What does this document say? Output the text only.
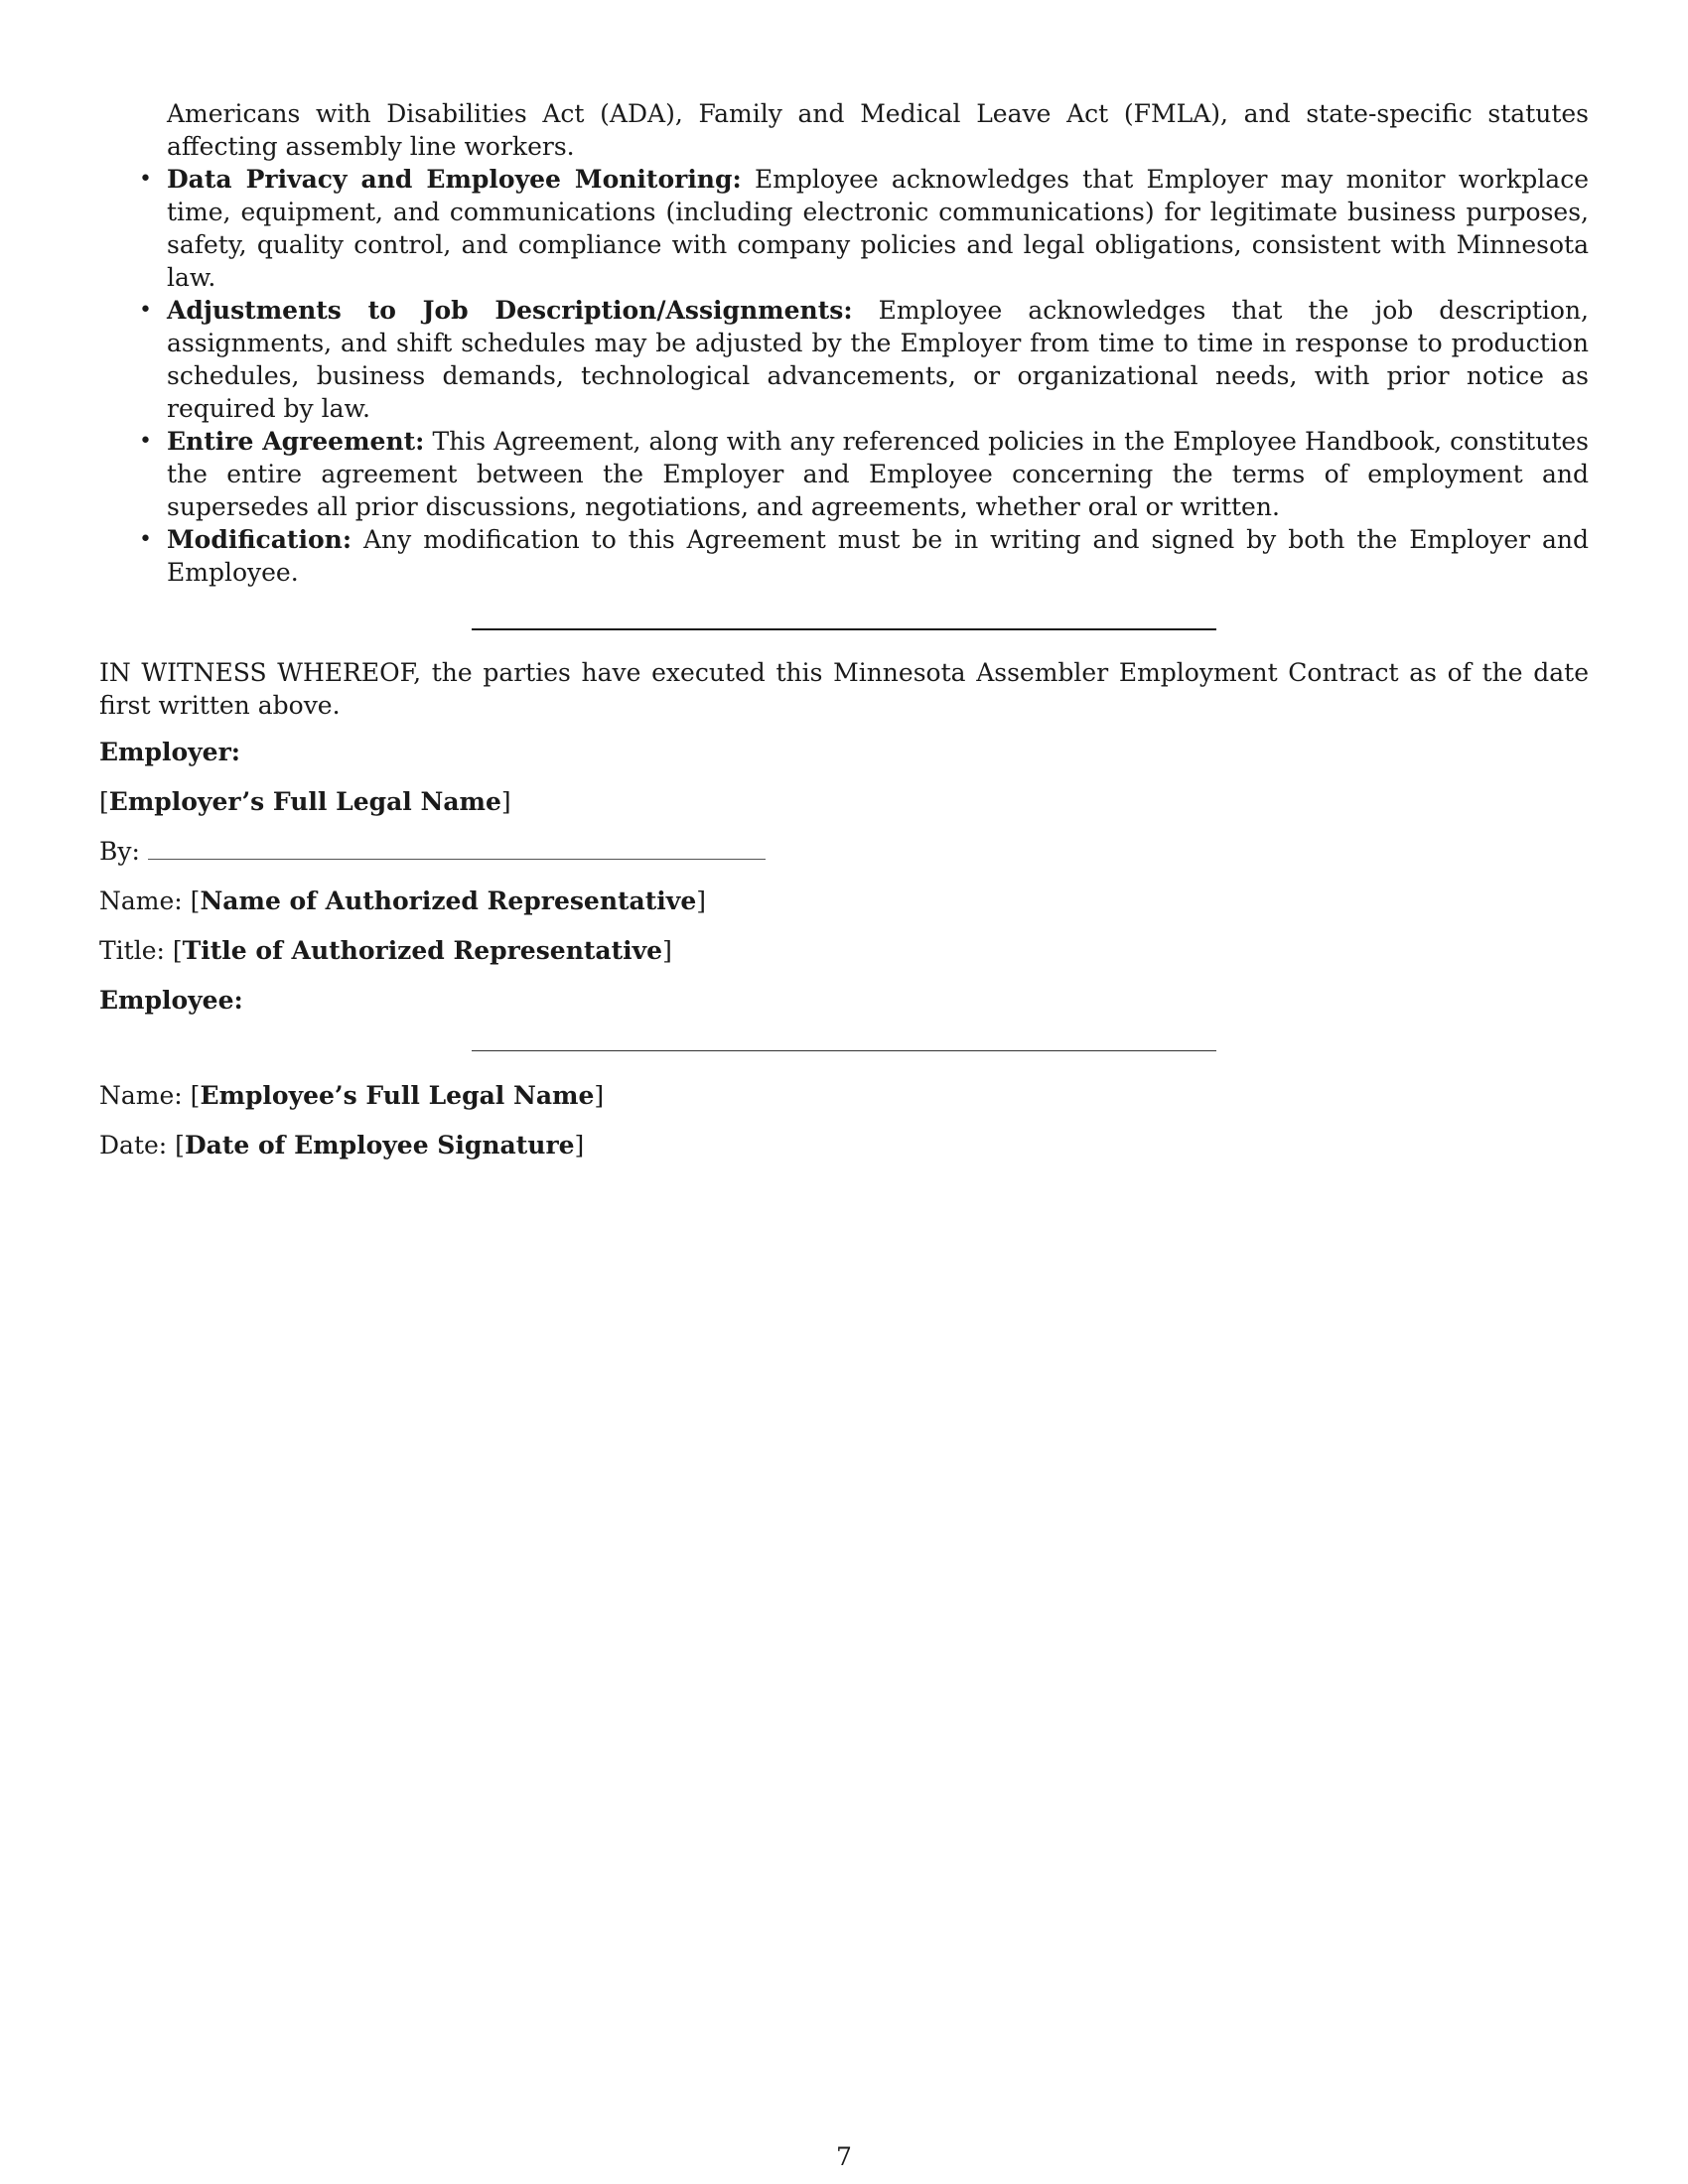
Americans with Disabilities Act (ADA), Family and Medical Leave Act (FMLA), and state-specific statutes affecting assembly line workers.

• Data Privacy and Employee Monitoring: Employee acknowledges that Employer may monitor workplace time, equipment, and communications (including electronic communications) for legitimate business purposes, safety, quality control, and compliance with company policies and legal obligations, consistent with Minnesota law.
• Adjustments to Job Description/Assignments: Employee acknowledges that the job description, assignments, and shift schedules may be adjusted by the Employer from time to time in response to production schedules, business demands, technological advancements, or organizational needs, with prior notice as required by law.
• Entire Agreement: This Agreement, along with any referenced policies in the Employee Handbook, constitutes the entire agreement between the Employer and Employee concerning the terms of employment and supersedes all prior discussions, negotiations, and agreements, whether oral or written.
• Modification: Any modification to this Agreement must be in writing and signed by both the Employer and Employee.

IN WITNESS WHEREOF, the parties have executed this Minnesota Assembler Employment Contract as of the date first written above.

Employer:

[Employer’s Full Legal Name]

By:

Name: [Name of Authorized Representative]

Title: [Title of Authorized Representative]

Employee:

Name: [Employee’s Full Legal Name]

Date: [Date of Employee Signature]

7
